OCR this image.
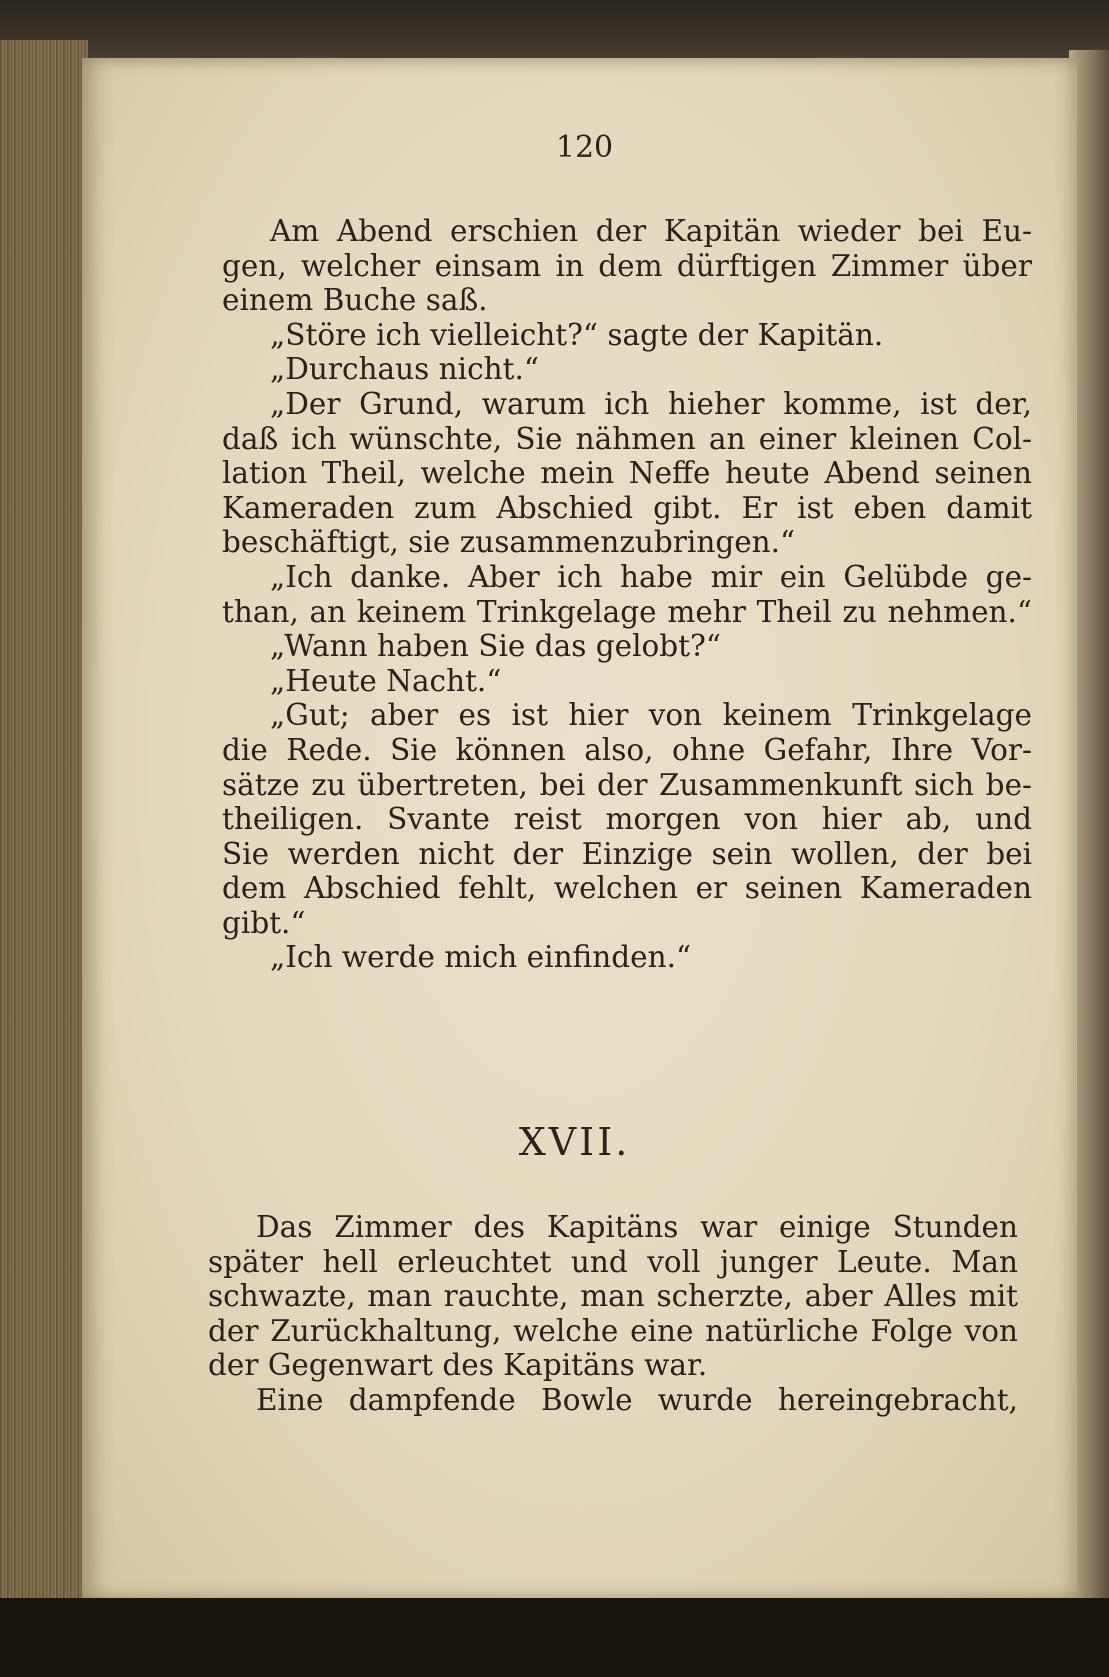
120
Am Abend erschien der Kapitän wieder bei Eu-
gen, welcher einsam in dem dürftigen Zimmer über
einem Buche saß.
„Störe ich vielleicht?“ sagte der Kapitän.
„Durchaus nicht.“
„Der Grund, warum ich hieher komme, ist der,
daß ich wünschte, Sie nähmen an einer kleinen Col-
lation Theil, welche mein Neffe heute Abend seinen
Kameraden zum Abschied gibt. Er ist eben damit
beschäftigt, sie zusammenzubringen.“
„Ich danke. Aber ich habe mir ein Gelübde ge-
than, an keinem Trinkgelage mehr Theil zu nehmen.“
„Wann haben Sie das gelobt?“
„Heute Nacht.“
„Gut; aber es ist hier von keinem Trinkgelage
die Rede. Sie können also, ohne Gefahr, Ihre Vor-
sätze zu übertreten, bei der Zusammenkunft sich be-
theiligen. Svante reist morgen von hier ab, und
Sie werden nicht der Einzige sein wollen, der bei
dem Abschied fehlt, welchen er seinen Kameraden
gibt.“
„Ich werde mich einfinden.“
XVII.
Das Zimmer des Kapitäns war einige Stunden
später hell erleuchtet und voll junger Leute. Man
schwazte, man rauchte, man scherzte, aber Alles mit
der Zurückhaltung, welche eine natürliche Folge von
der Gegenwart des Kapitäns war.
Eine dampfende Bowle wurde hereingebracht,
